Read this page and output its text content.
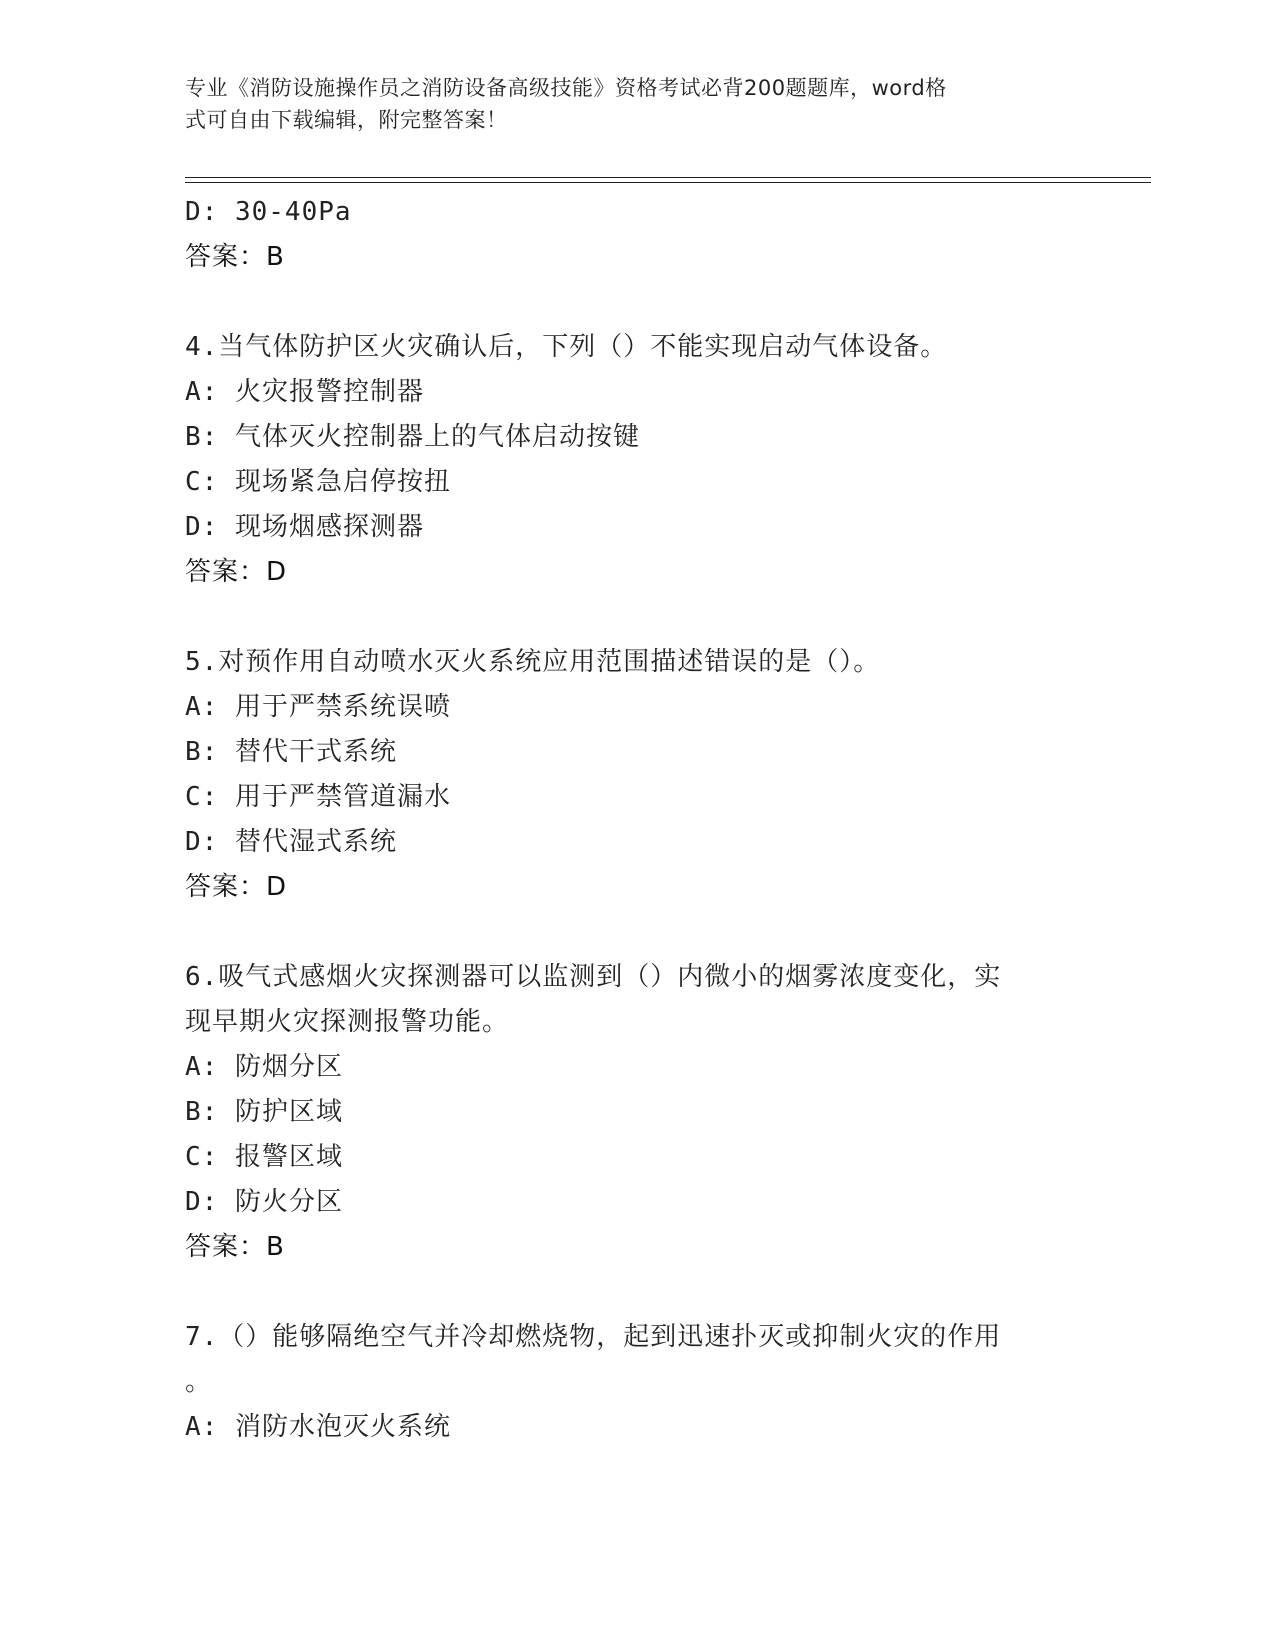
专业《消防设施操作员之消防设备高级技能》资格考试必背200题题库，word格
式可自由下载编辑，附完整答案！
D: 30-40Pa
答案：B
4.当气体防护区火灾确认后，下列（）不能实现启动气体设备。
A: 火灾报警控制器
B: 气体灭火控制器上的气体启动按键
C: 现场紧急启停按扭
D: 现场烟感探测器
答案：D
5.对预作用自动喷水灭火系统应用范围描述错误的是（）。
A: 用于严禁系统误喷
B: 替代干式系统
C: 用于严禁管道漏水
D: 替代湿式系统
答案：D
6.吸气式感烟火灾探测器可以监测到（）内微小的烟雾浓度变化，实
现早期火灾探测报警功能。
A: 防烟分区
B: 防护区域
C: 报警区域
D: 防火分区
答案：B
7.（）能够隔绝空气并冷却燃烧物，起到迅速扑灭或抑制火灾的作用
。
A: 消防水泡灭火系统
